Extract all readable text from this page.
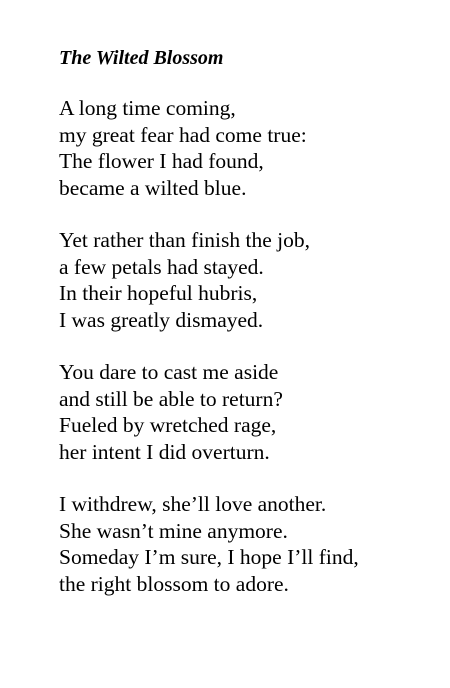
The Wilted Blossom
A long time coming,
my great fear had come true:
The flower I had found,
became a wilted blue.
Yet rather than finish the job,
a few petals had stayed.
In their hopeful hubris,
I was greatly dismayed.
You dare to cast me aside
and still be able to return?
Fueled by wretched rage,
her intent I did overturn.
I withdrew, she’ll love another.
She wasn’t mine anymore.
Someday I’m sure, I hope I’ll find,
the right blossom to adore.
